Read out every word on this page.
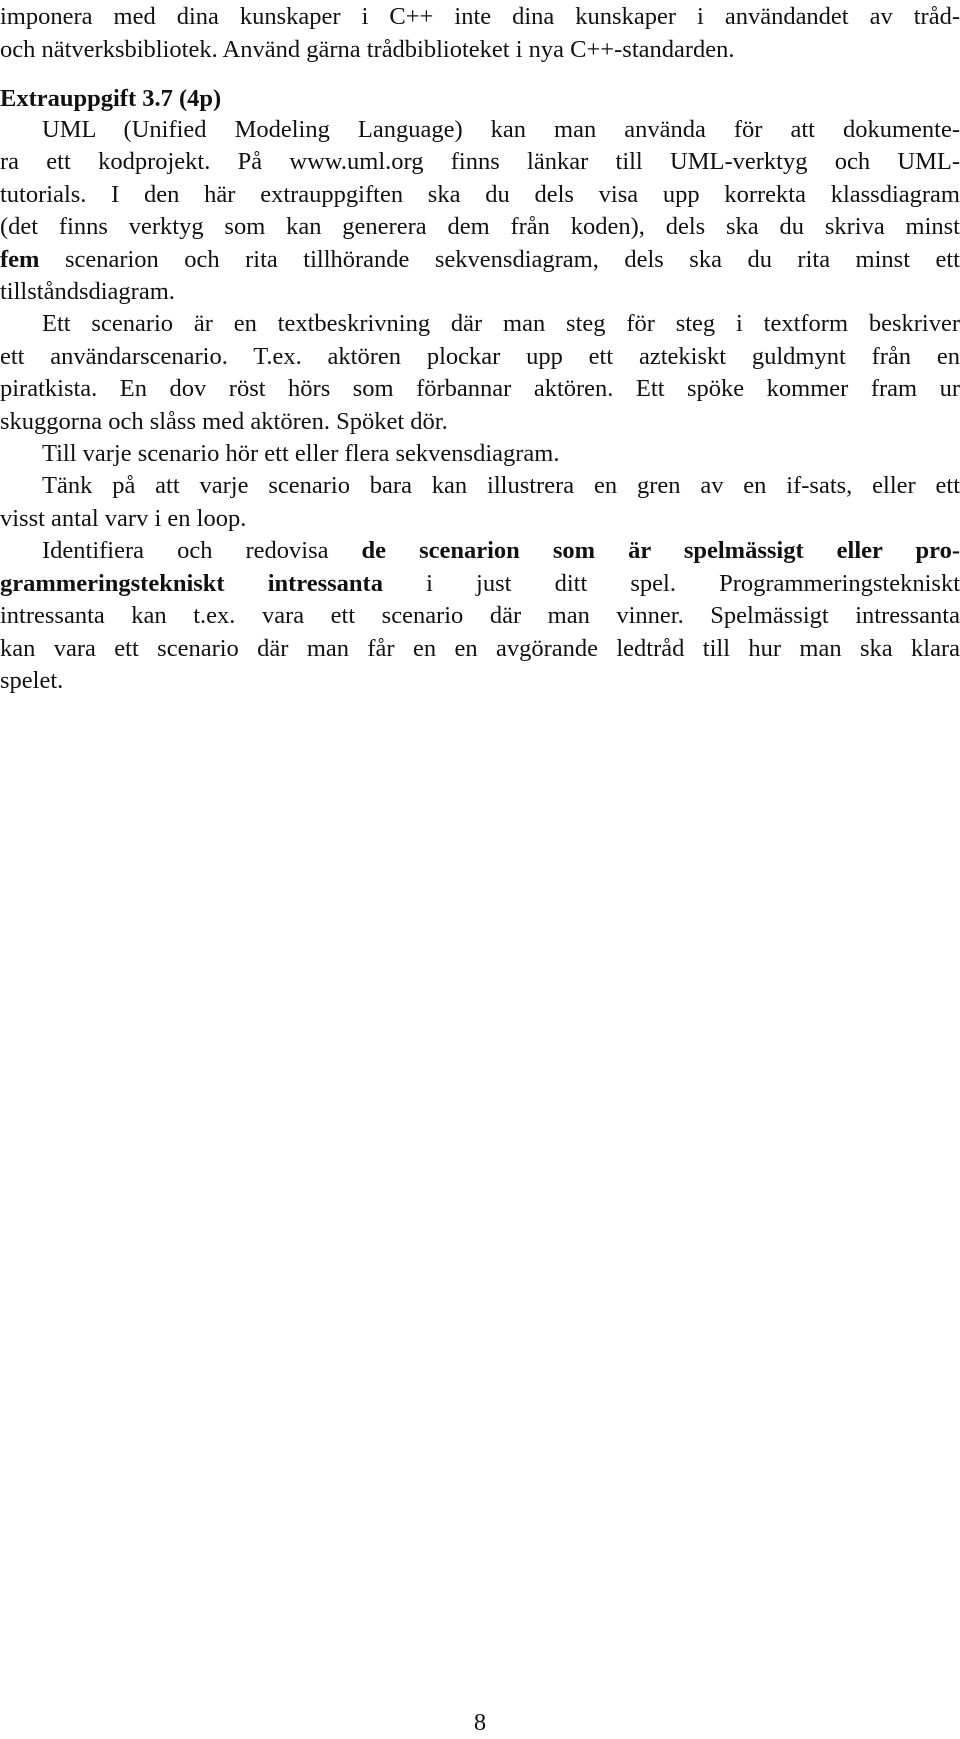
imponera med dina kunskaper i C++ inte dina kunskaper i användandet av tråd-
och nätverksbibliotek. Använd gärna trådbiblioteket i nya C++-standarden.
Extrauppgift 3.7 (4p)
UML (Unified Modeling Language) kan man använda för att dokumente-
ra ett kodprojekt. På www.uml.org finns länkar till UML-verktyg och UML-
tutorials. I den här extrauppgiften ska du dels visa upp korrekta klassdiagram
(det finns verktyg som kan generera dem från koden), dels ska du skriva minst
fem scenarion och rita tillhörande sekvensdiagram, dels ska du rita minst ett
tillståndsdiagram.
Ett scenario är en textbeskrivning där man steg för steg i textform beskriver
ett användarscenario. T.ex. aktören plockar upp ett aztekiskt guldmynt från en
piratkista. En dov röst hörs som förbannar aktören. Ett spöke kommer fram ur
skuggorna och slåss med aktören. Spöket dör.
Till varje scenario hör ett eller flera sekvensdiagram.
Tänk på att varje scenario bara kan illustrera en gren av en if-sats, eller ett
visst antal varv i en loop.
Identifiera och redovisa de scenarion som är spelmässigt eller pro-
grammeringstekniskt intressanta i just ditt spel. Programmeringstekniskt
intressanta kan t.ex. vara ett scenario där man vinner. Spelmässigt intressanta
kan vara ett scenario där man får en en avgörande ledtråd till hur man ska klara
spelet.
8
